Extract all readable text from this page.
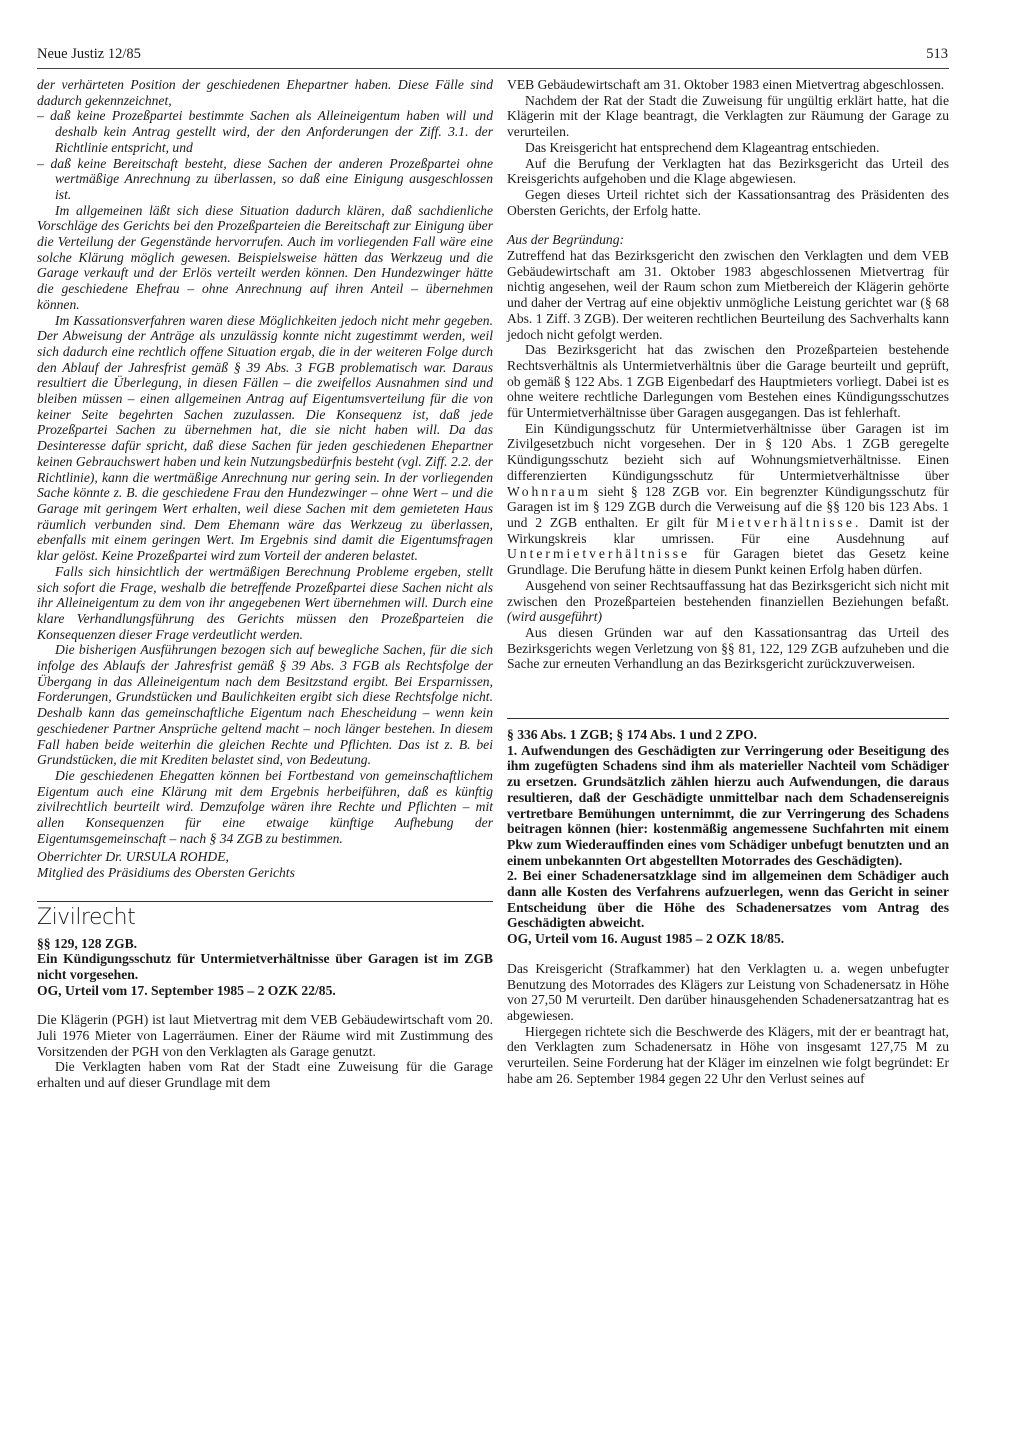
Neue Justiz 12/85	513

der verhärteten Position der geschiedenen Ehepartner haben. Diese Fälle sind dadurch gekennzeichnet,

– daß keine Prozeßpartei bestimmte Sachen als Alleineigentum haben will und deshalb kein Antrag gestellt wird, der den Anforderungen der Ziff. 3.1. der Richtlinie entspricht, und

– daß keine Bereitschaft besteht, diese Sachen der anderen Prozeßpartei ohne wertmäßige Anrechnung zu überlassen, so daß eine Einigung ausgeschlossen ist.

Im allgemeinen läßt sich diese Situation dadurch klären, daß sachdienliche Vorschläge des Gerichts bei den Prozeßparteien die Bereitschaft zur Einigung über die Verteilung der Gegenstände hervorrufen. Auch im vorliegenden Fall wäre eine solche Klärung möglich gewesen. Beispielsweise hätten das Werkzeug und die Garage verkauft und der Erlös verteilt werden können. Den Hundezwinger hätte die geschiedene Ehefrau – ohne Anrechnung auf ihren Anteil – übernehmen können.

Im Kassationsverfahren waren diese Möglichkeiten jedoch nicht mehr gegeben. Der Abweisung der Anträge als unzulässig konnte nicht zugestimmt werden, weil sich dadurch eine rechtlich offene Situation ergab, die in der weiteren Folge durch den Ablauf der Jahresfrist gemäß § 39 Abs. 3 FGB problematisch war. Daraus resultiert die Überlegung, in diesen Fällen – die zweifellos Ausnahmen sind und bleiben müssen – einen allgemeinen Antrag auf Eigentumsverteilung für die von keiner Seite begehrten Sachen zuzulassen. Die Konsequenz ist, daß jede Prozeßpartei Sachen zu übernehmen hat, die sie nicht haben will. Da das Desinteresse dafür spricht, daß diese Sachen für jeden geschiedenen Ehepartner keinen Gebrauchswert haben und kein Nutzungsbedürfnis besteht (vgl. Ziff. 2.2. der Richtlinie), kann die wertmäßige Anrechnung nur gering sein. In der vorliegenden Sache könnte z. B. die geschiedene Frau den Hundezwinger – ohne Wert – und die Garage mit geringem Wert erhalten, weil diese Sachen mit dem gemieteten Haus räumlich verbunden sind. Dem Ehemann wäre das Werkzeug zu überlassen, ebenfalls mit einem geringen Wert. Im Ergebnis sind damit die Eigentumsfragen klar gelöst. Keine Prozeßpartei wird zum Vorteil der anderen belastet.

Falls sich hinsichtlich der wertmäßigen Berechnung Probleme ergeben, stellt sich sofort die Frage, weshalb die betreffende Prozeßpartei diese Sachen nicht als ihr Alleineigentum zu dem von ihr angegebenen Wert übernehmen will. Durch eine klare Verhandlungsführung des Gerichts müssen den Prozeßparteien die Konsequenzen dieser Frage verdeutlicht werden.

Die bisherigen Ausführungen bezogen sich auf bewegliche Sachen, für die sich infolge des Ablaufs der Jahresfrist gemäß § 39 Abs. 3 FGB als Rechtsfolge der Übergang in das Alleineigentum nach dem Besitzstand ergibt. Bei Ersparnissen, Forderungen, Grundstücken und Baulichkeiten ergibt sich diese Rechtsfolge nicht. Deshalb kann das gemeinschaftliche Eigentum nach Ehescheidung – wenn kein geschiedener Partner Ansprüche geltend macht – noch länger bestehen. In diesem Fall haben beide weiterhin die gleichen Rechte und Pflichten. Das ist z. B. bei Grundstücken, die mit Krediten belastet sind, von Bedeutung.

Die geschiedenen Ehegatten können bei Fortbestand von gemeinschaftlichem Eigentum auch eine Klärung mit dem Ergebnis herbeiführen, daß es künftig zivilrechtlich beurteilt wird. Demzufolge wären ihre Rechte und Pflichten – mit allen Konsequenzen für eine etwaige künftige Aufhebung der Eigentumsgemeinschaft – nach § 34 ZGB zu bestimmen.

Oberrichter Dr. URSULA ROHDE,

Mitglied des Präsidiums des Obersten Gerichts

Zivilrecht

§§ 129, 128 ZGB.

Ein Kündigungsschutz für Untermietverhältnisse über Garagen ist im ZGB nicht vorgesehen.

OG, Urteil vom 17. September 1985 – 2 OZK 22/85.

Die Klägerin (PGH) ist laut Mietvertrag mit dem VEB Gebäudewirtschaft vom 20. Juli 1976 Mieter von Lagerräumen. Einer der Räume wird mit Zustimmung des Vorsitzenden der PGH von den Verklagten als Garage genutzt.

Die Verklagten haben vom Rat der Stadt eine Zuweisung für die Garage erhalten und auf dieser Grundlage mit dem

VEB Gebäudewirtschaft am 31. Oktober 1983 einen Mietvertrag abgeschlossen.

Nachdem der Rat der Stadt die Zuweisung für ungültig erklärt hatte, hat die Klägerin mit der Klage beantragt, die Verklagten zur Räumung der Garage zu verurteilen.

Das Kreisgericht hat entsprechend dem Klageantrag entschieden.

Auf die Berufung der Verklagten hat das Bezirksgericht das Urteil des Kreisgerichts aufgehoben und die Klage abgewiesen.

Gegen dieses Urteil richtet sich der Kassationsantrag des Präsidenten des Obersten Gerichts, der Erfolg hatte.

Aus der Begründung:

Zutreffend hat das Bezirksgericht den zwischen den Verklagten und dem VEB Gebäudewirtschaft am 31. Oktober 1983 abgeschlossenen Mietvertrag für nichtig angesehen, weil der Raum schon zum Mietbereich der Klägerin gehörte und daher der Vertrag auf eine objektiv unmögliche Leistung gerichtet war (§ 68 Abs. 1 Ziff. 3 ZGB). Der weiteren rechtlichen Beurteilung des Sachverhalts kann jedoch nicht gefolgt werden.

Das Bezirksgericht hat das zwischen den Prozeßparteien bestehende Rechtsverhältnis als Untermietverhältnis über die Garage beurteilt und geprüft, ob gemäß § 122 Abs. 1 ZGB Eigenbedarf des Hauptmieters vorliegt. Dabei ist es ohne weitere rechtliche Darlegungen vom Bestehen eines Kündigungsschutzes für Untermietverhältnisse über Garagen ausgegangen. Das ist fehlerhaft.

Ein Kündigungsschutz für Untermietverhältnisse über Garagen ist im Zivilgesetzbuch nicht vorgesehen. Der in § 120 Abs. 1 ZGB geregelte Kündigungsschutz bezieht sich auf Wohnungsmietverhältnisse. Einen differenzierten Kündigungsschutz für Untermietverhältnisse über Wohnraum sieht § 128 ZGB vor. Ein begrenzter Kündigungsschutz für Garagen ist im § 129 ZGB durch die Verweisung auf die §§ 120 bis 123 Abs. 1 und 2 ZGB enthalten. Er gilt für Mietverhältnisse. Damit ist der Wirkungskreis klar umrissen. Für eine Ausdehnung auf Untermietverhältnisse für Garagen bietet das Gesetz keine Grundlage. Die Berufung hätte in diesem Punkt keinen Erfolg haben dürfen.

Ausgehend von seiner Rechtsauffassung hat das Bezirksgericht sich nicht mit zwischen den Prozeßparteien bestehenden finanziellen Beziehungen befaßt. (wird ausgeführt)

Aus diesen Gründen war auf den Kassationsantrag das Urteil des Bezirksgerichts wegen Verletzung von §§ 81, 122, 129 ZGB aufzuheben und die Sache zur erneuten Verhandlung an das Bezirksgericht zurückzuverweisen.

§ 336 Abs. 1 ZGB; § 174 Abs. 1 und 2 ZPO.

1. Aufwendungen des Geschädigten zur Verringerung oder Beseitigung des ihm zugefügten Schadens sind ihm als materieller Nachteil vom Schädiger zu ersetzen. Grundsätzlich zählen hierzu auch Aufwendungen, die daraus resultieren, daß der Geschädigte unmittelbar nach dem Schadensereignis vertretbare Bemühungen unternimmt, die zur Verringerung des Schadens beitragen können (hier: kostenmäßig angemessene Suchfahrten mit einem Pkw zum Wiederauffinden eines vom Schädiger unbefugt benutzten und an einem unbekannten Ort abgestellten Motorrades des Geschädigten).

2. Bei einer Schadenersatzklage sind im allgemeinen dem Schädiger auch dann alle Kosten des Verfahrens aufzuerlegen, wenn das Gericht in seiner Entscheidung über die Höhe des Schadenersatzes vom Antrag des Geschädigten abweicht.

OG, Urteil vom 16. August 1985 – 2 OZK 18/85.

Das Kreisgericht (Strafkammer) hat den Verklagten u. a. wegen unbefugter Benutzung des Motorrades des Klägers zur Leistung von Schadenersatz in Höhe von 27,50 M verurteilt. Den darüber hinausgehenden Schadenersatzantrag hat es abgewiesen.

Hiergegen richtete sich die Beschwerde des Klägers, mit der er beantragt hat, den Verklagten zum Schadenersatz in Höhe von insgesamt 127,75 M zu verurteilen. Seine Forderung hat der Kläger im einzelnen wie folgt begründet: Er habe am 26. September 1984 gegen 22 Uhr den Verlust seines auf
